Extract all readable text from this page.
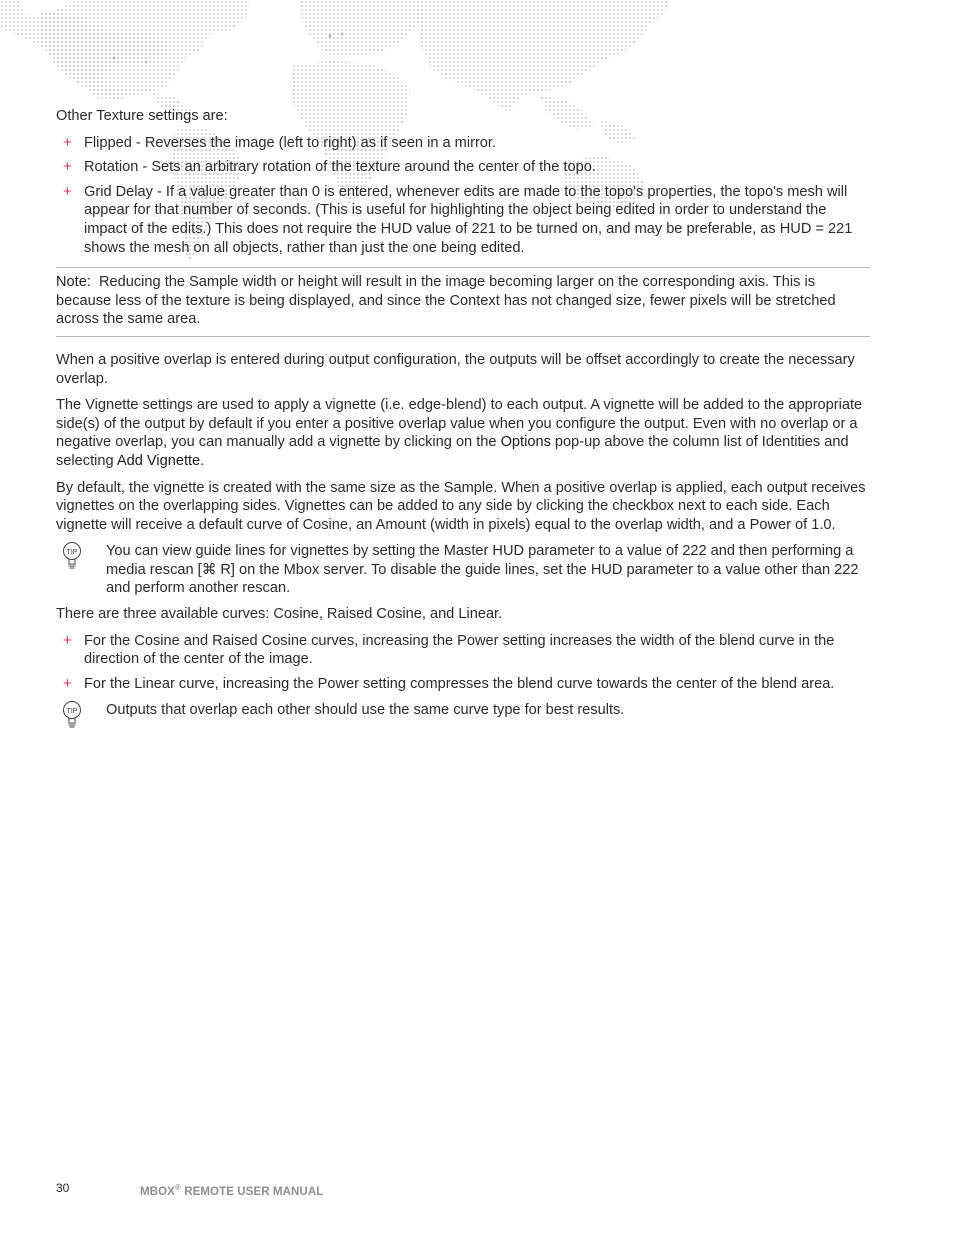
Other Texture settings are:

+ Flipped - Reverses the image (left to right) as if seen in a mirror.
+ Rotation - Sets an arbitrary rotation of the texture around the center of the topo.
+ Grid Delay - If a value greater than 0 is entered, whenever edits are made to the topo's properties, the topo's mesh will appear for that number of seconds. (This is useful for highlighting the object being edited in order to understand the impact of the edits.) This does not require the HUD value of 221 to be turned on, and may be preferable, as HUD = 221 shows the mesh on all objects, rather than just the one being edited.
Note: Reducing the Sample width or height will result in the image becoming larger on the corresponding axis. This is because less of the texture is being displayed, and since the Context has not changed size, fewer pixels will be stretched across the same area.

When a positive overlap is entered during output configuration, the outputs will be offset accordingly to create the necessary overlap.

The Vignette settings are used to apply a vignette (i.e. edge-blend) to each output. A vignette will be added to the appropriate side(s) of the output by default if you enter a positive overlap value when you configure the output. Even with no overlap or a negative overlap, you can manually add a vignette by clicking on the Options pop-up above the column list of Identities and selecting Add Vignette.

By default, the vignette is created with the same size as the Sample. When a positive overlap is applied, each output receives vignettes on the overlapping sides. Vignettes can be added to any side by clicking the checkbox next to each side. Each vignette will receive a default curve of Cosine, an Amount (width in pixels) equal to the overlap width, and a Power of 1.0.

TIP You can view guide lines for vignettes by setting the Master HUD parameter to a value of 222 and then performing a media rescan [⌘ R] on the Mbox server. To disable the guide lines, set the HUD parameter to a value other than 222 and perform another rescan.

There are three available curves: Cosine, Raised Cosine, and Linear.

+ For the Cosine and Raised Cosine curves, increasing the Power setting increases the width of the blend curve in the direction of the center of the image.
+ For the Linear curve, increasing the Power setting compresses the blend curve towards the center of the blend area.
TIP Outputs that overlap each other should use the same curve type for best results.
30	MBOX® REMOTE USER MANUAL
